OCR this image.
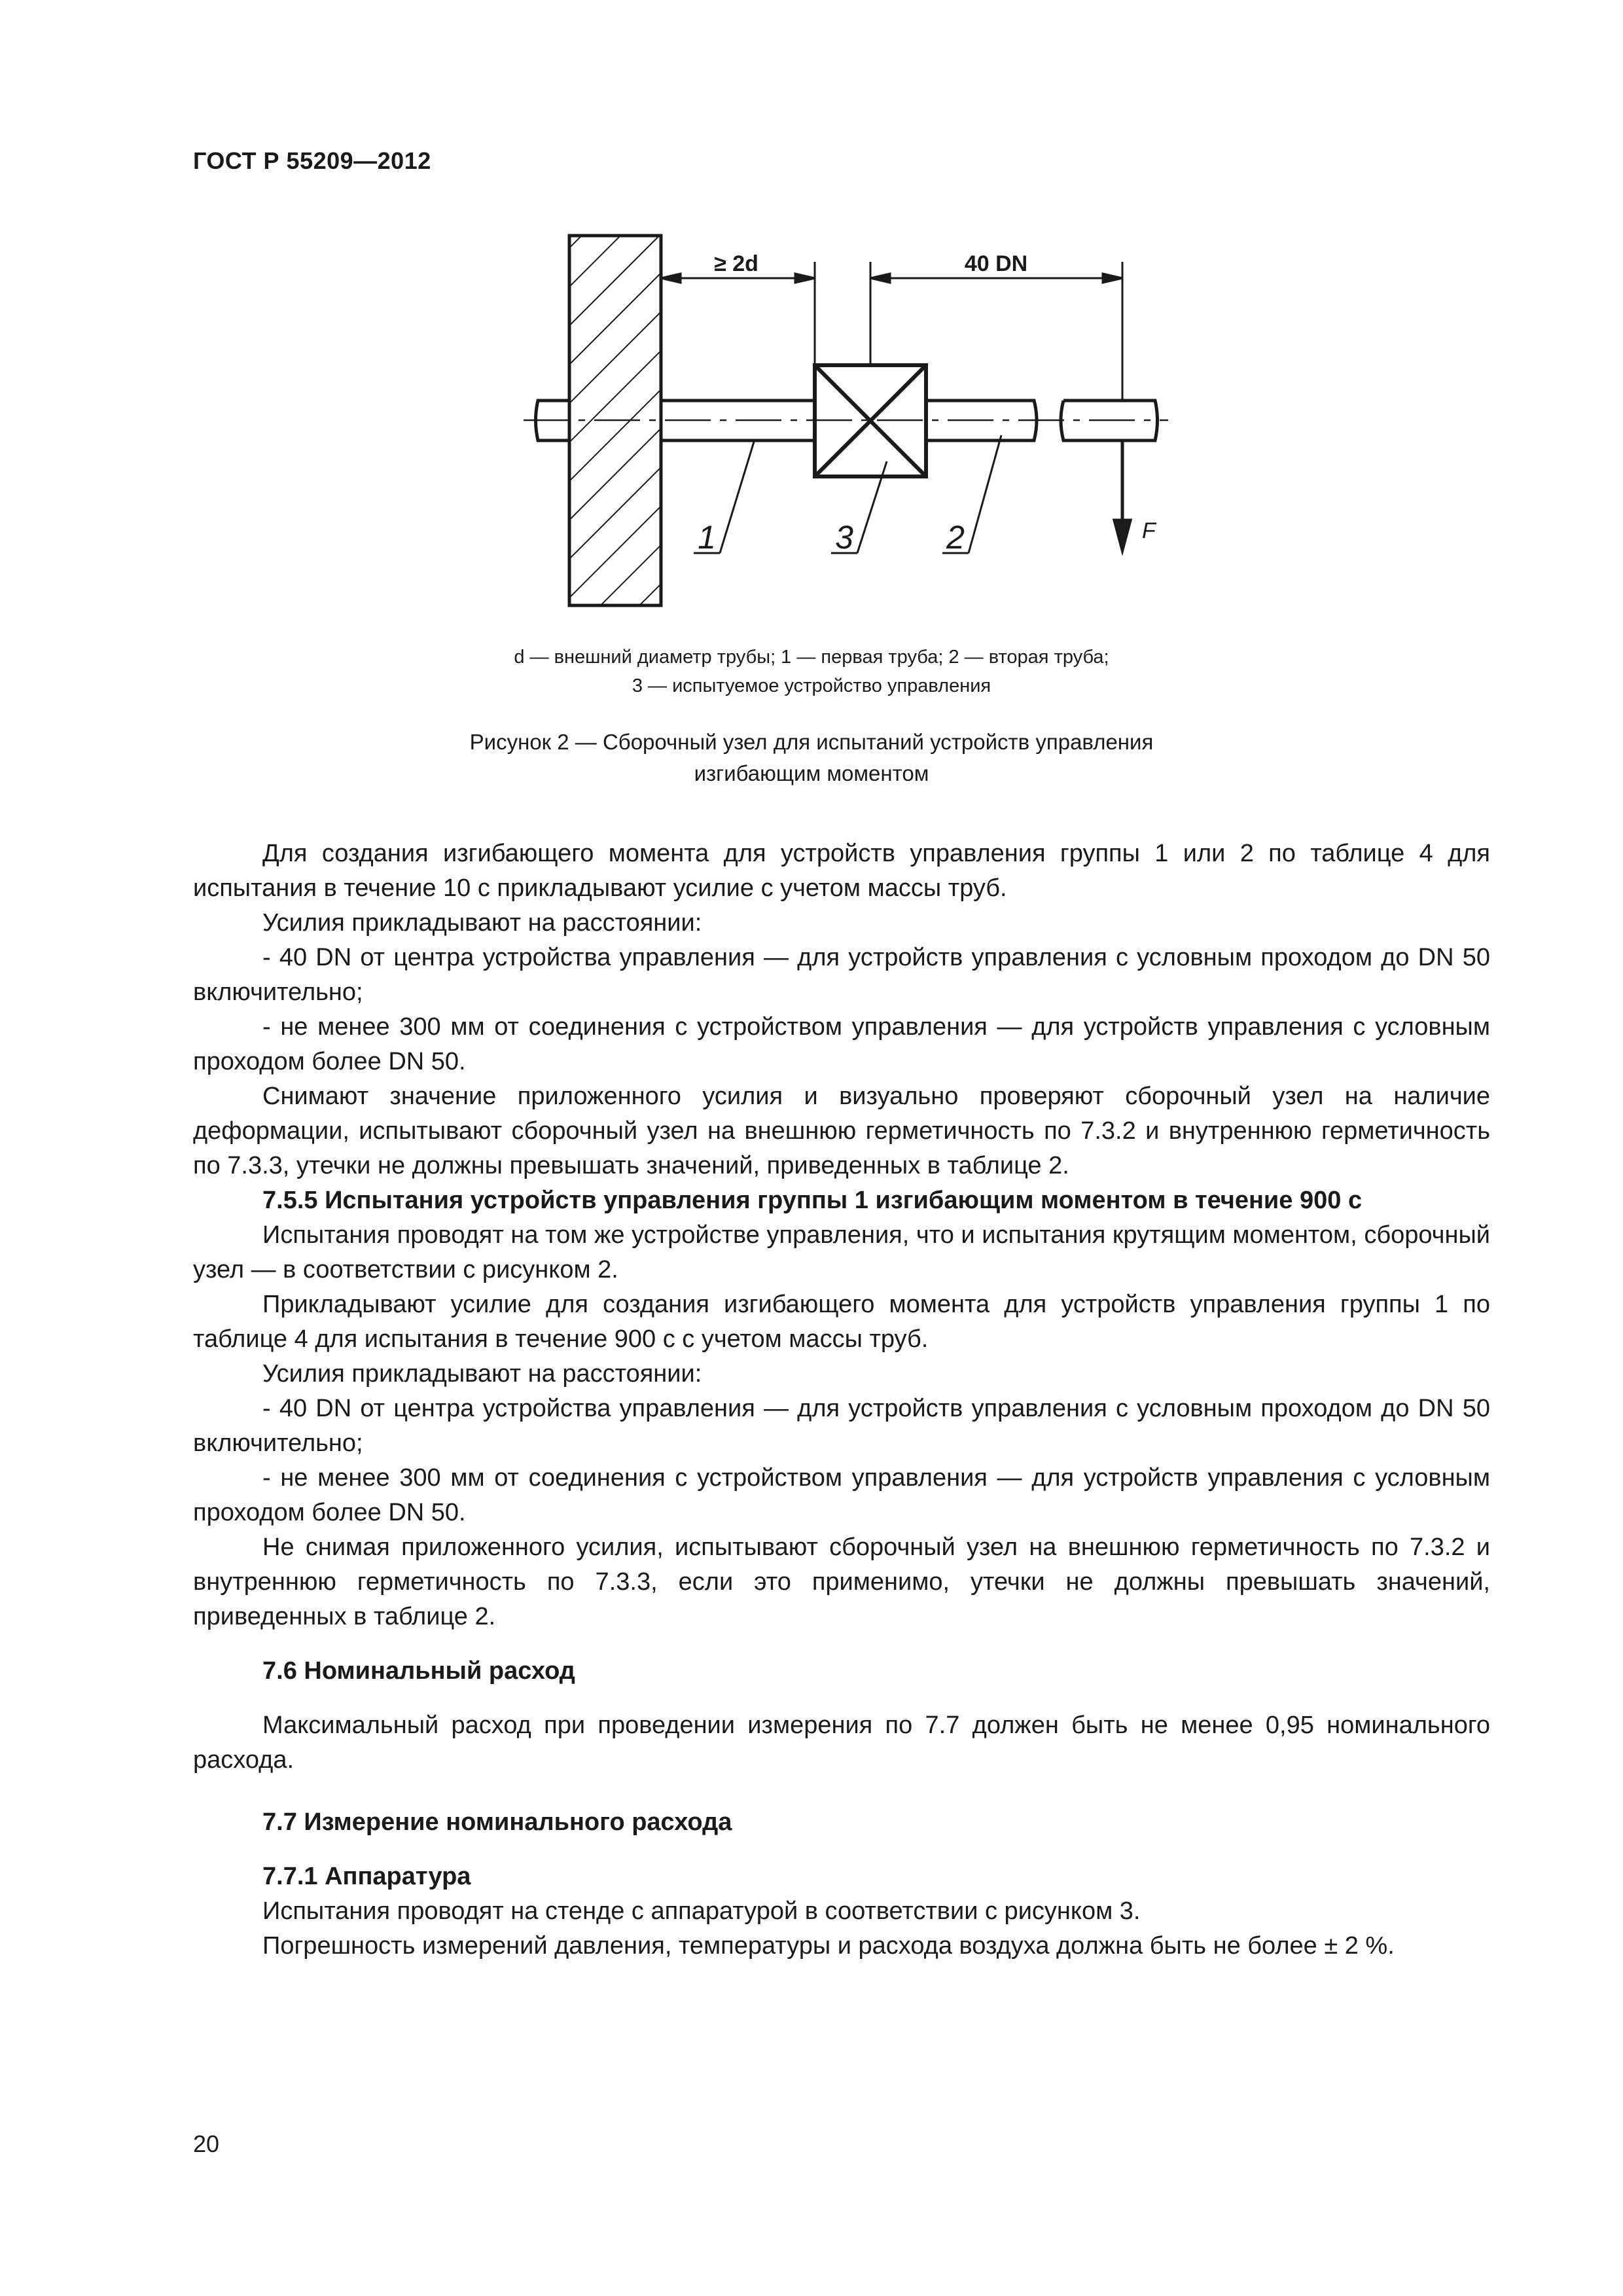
ГОСТ Р 55209—2012
≥ 2d	40 DN
F
1	3	2
d — внешний диаметр трубы; 1 — первая труба; 2 — вторая труба;
3 — испытуемое устройство управления
Рисунок 2 — Сборочный узел для испытаний устройств управления
изгибающим моментом

Для создания изгибающего момента для устройств управления группы 1 или 2 по таблице 4 для испытания в течение 10 с прикладывают усилие с учетом массы труб.

Усилия прикладывают на расстоянии:

- 40 DN от центра устройства управления — для устройств управления с условным проходом до DN 50 включительно;

- не менее 300 мм от соединения с устройством управления — для устройств управления с условным проходом более DN 50.

Снимают значение приложенного усилия и визуально проверяют сборочный узел на наличие деформации, испытывают сборочный узел на внешнюю герметичность по 7.3.2 и внутреннюю герметичность по 7.3.3, утечки не должны превышать значений, приведенных в таблице 2.

7.5.5 Испытания устройств управления группы 1 изгибающим моментом в течение 900 с

Испытания проводят на том же устройстве управления, что и испытания крутящим моментом, сборочный узел — в соответствии с рисунком 2.

Прикладывают усилие для создания изгибающего момента для устройств управления группы 1 по таблице 4 для испытания в течение 900 с с учетом массы труб.

Усилия прикладывают на расстоянии:

- 40 DN от центра устройства управления — для устройств управления с условным проходом до DN 50 включительно;

- не менее 300 мм от соединения с устройством управления — для устройств управления с условным проходом более DN 50.

Не снимая приложенного усилия, испытывают сборочный узел на внешнюю герметичность по 7.3.2 и внутреннюю герметичность по 7.3.3, если это применимо, утечки не должны превышать значений, приведенных в таблице 2.

7.6 Номинальный расход

Максимальный расход при проведении измерения по 7.7 должен быть не менее 0,95 номинального расхода.

7.7 Измерение номинального расхода

7.7.1 Аппаратура

Испытания проводят на стенде с аппаратурой в соответствии с рисунком 3.

Погрешность измерений давления, температуры и расхода воздуха должна быть не более ± 2 %.

20
